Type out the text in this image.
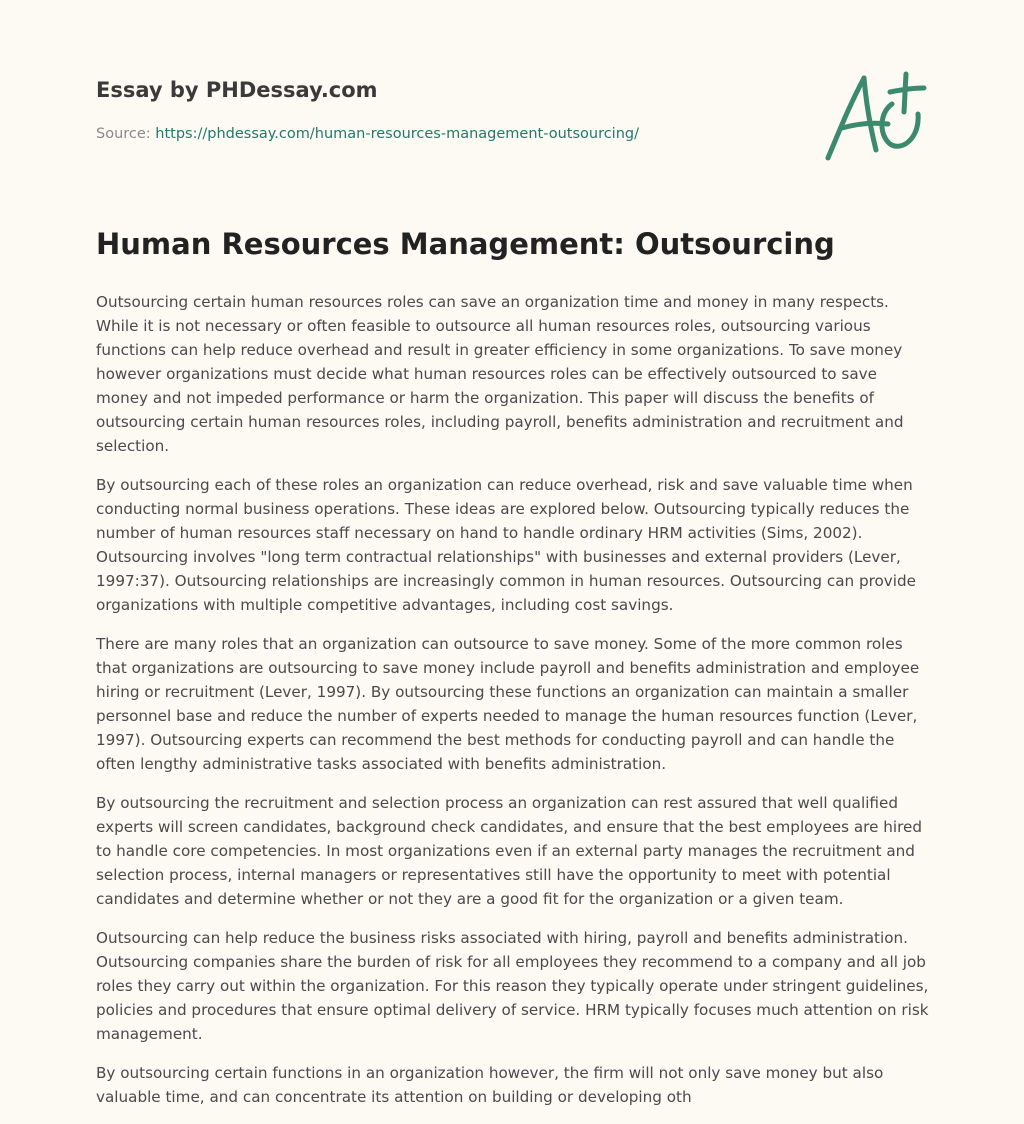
Essay by PHDessay.com
Source: https://phdessay.com/human-resources-management-outsourcing/
Human Resources Management: Outsourcing

Outsourcing certain human resources roles can save an organization time and money in many respects. While it is not necessary or often feasible to outsource all human resources roles, outsourcing various functions can help reduce overhead and result in greater efficiency in some organizations. To save money however organizations must decide what human resources roles can be effectively outsourced to save money and not impeded performance or harm the organization. This paper will discuss the benefits of outsourcing certain human resources roles, including payroll, benefits administration and recruitment and selection.

By outsourcing each of these roles an organization can reduce overhead, risk and save valuable time when conducting normal business operations. These ideas are explored below. Outsourcing typically reduces the number of human resources staff necessary on hand to handle ordinary HRM activities (Sims, 2002). Outsourcing involves "long term contractual relationships" with businesses and external providers (Lever, 1997:37). Outsourcing relationships are increasingly common in human resources. Outsourcing can provide organizations with multiple competitive advantages, including cost savings.

There are many roles that an organization can outsource to save money. Some of the more common roles that organizations are outsourcing to save money include payroll and benefits administration and employee hiring or recruitment (Lever, 1997). By outsourcing these functions an organization can maintain a smaller personnel base and reduce the number of experts needed to manage the human resources function (Lever, 1997). Outsourcing experts can recommend the best methods for conducting payroll and can handle the often lengthy administrative tasks associated with benefits administration.

By outsourcing the recruitment and selection process an organization can rest assured that well qualified experts will screen candidates, background check candidates, and ensure that the best employees are hired to handle core competencies. In most organizations even if an external party manages the recruitment and selection process, internal managers or representatives still have the opportunity to meet with potential candidates and determine whether or not they are a good fit for the organization or a given team.

Outsourcing can help reduce the business risks associated with hiring, payroll and benefits administration. Outsourcing companies share the burden of risk for all employees they recommend to a company and all job roles they carry out within the organization. For this reason they typically operate under stringent guidelines, policies and procedures that ensure optimal delivery of service. HRM typically focuses much attention on risk management.

By outsourcing certain functions in an organization however, the firm will not only save money but also valuable time, and can concentrate its attention on building or developing oth
